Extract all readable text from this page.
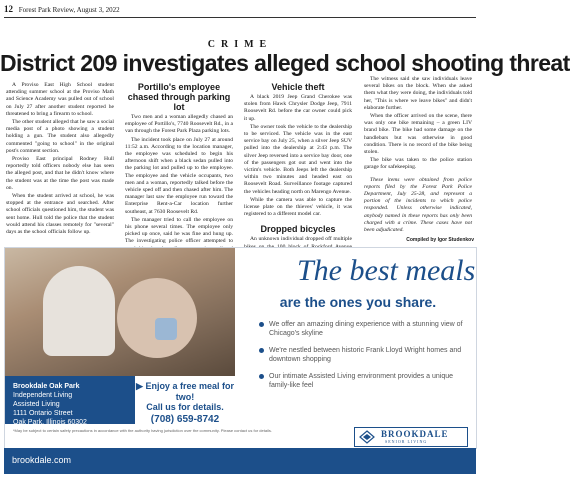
12 Forest Park Review, August 3, 2022
CRIME
District 209 investigates alleged school shooting threat

A Proviso East High School student attending summer school at the Proviso Math and Science Academy was pulled out of school on July 27 after another student reported he threatened to bring a firearm to school.

The other student alleged that he saw a social media post of a photo showing a student holding a gun. The student also allegedly commented "going to school" in the original post's comment section.

Proviso East principal Rodney Hull reportedly told officers nobody else has seen the alleged post, and that he didn't know where the student was at the time the post was made on.

When the student arrived at school, he was stopped at the entrance and searched. After school officials questioned him, the student was sent home. Hull told the police that the student would attend his classes remotely for "several" days as the school officials follow up.

Portillo's employee chased through parking lot

Two men and a woman allegedly chased an employee of Portillo's, 7740 Roosevelt Rd., in a van through the Forest Park Plaza parking lots.

The incident took place on July 27 at around 11:52 a.m. According to the location manager, the employee was scheduled to begin his afternoon shift when a black sedan pulled into the parking lot and pulled up to the employee. The employee and the vehicle occupants, two men and a woman, reportedly talked before the vehicle sped off and then chased after him. The manager last saw the employee run toward the Enterprise Rent-a-Car location further southeast, at 7630 Roosevelt Rd.

The manager tried to call the employee on his phone several times. The employee only picked up once, said he was fine and hung up. The investigating police officer attempted to

Vehicle theft

A black 2019 Jeep Grand Cherokee was stolen from Hawk Chrysler Dodge Jeep, 7911 Roosevelt Rd. before the car owner could pick it up.

The owner took the vehicle to the dealership to be serviced. The vehicle was in the east service bay on July 25, when a silver Jeep SUV pulled into the dealership at 2:43 p.m. The silver Jeep reversed into a service bay door, one of the passengers got out and went into the victim's vehicle. Both Jeeps left the dealership within two minutes and headed east on Roosevelt Road. Surveillance footage captured the vehicles heading north on Marengo Avenue.

While the camera was able to capture the license plate on the thieves' vehicle, it was registered to a different model car.

Dropped bicycles

An unknown individual dropped off multiple

The witness said she saw individuals leave several bikes on the block. When she asked them what they were doing, the individuals told her, "This is where we leave bikes" and didn't elaborate further.

When the officer arrived on the scene, there was only one bike remaining – a green LIV brand bike. The bike had some damage on the handlebars but was otherwise in good condition. There is no record of the bike being stolen.

The bike was taken to the police station garage for safekeeping.

These items were obtained from police reports filed by the Forest Park Police Department, July 25-28, and represent a portion of the incidents to which police responded. Unless otherwise indicated, anybody named in these reports has only been charged with a crime. These cases have not been adjudicated.

Compiled by Igor Studenkov
Brookdale Oak Park
Independent Living
Assisted Living
1111 Ontario Street
Oak Park, Illinois 60302
▶ Enjoy a free meal for two!
Call us for details.
(708) 659-8742
The best meals
are the ones you share.
We offer an amazing dining experience with a stunning view of Chicago's skyline
We're nestled between historic Frank Lloyd Wright homes and downtown shopping
Our intimate Assisted Living environment provides a unique family-like feel
*May be subject to certain safety precautions in accordance with the authority having jurisdiction over the community. Please contact us for details.	BROOKDALE
SENIOR LIVING
brookdale.com
